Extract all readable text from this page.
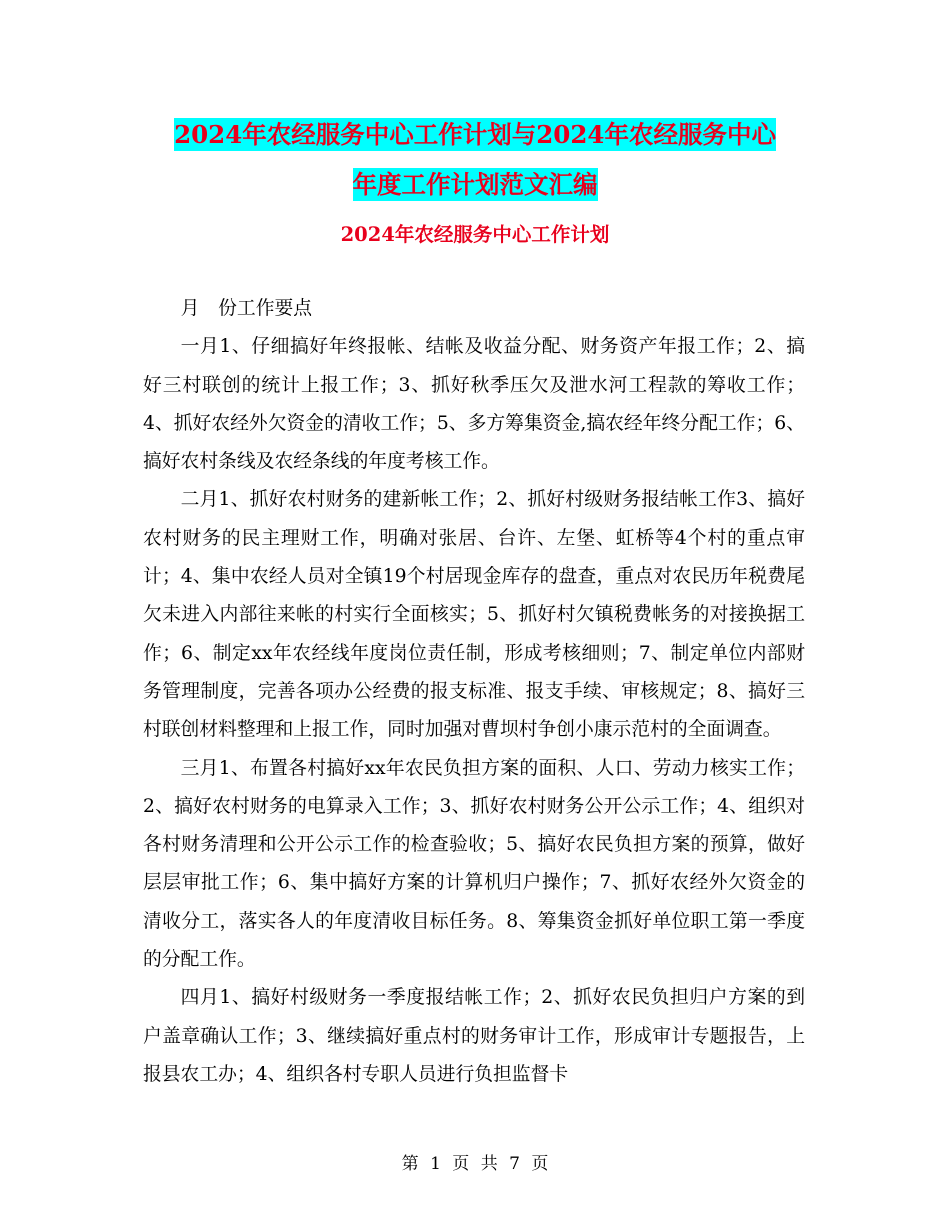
2024年农经服务中心工作计划与2024年农经服务中心
年度工作计划范文汇编
2024年农经服务中心工作计划

月　份工作要点

一月1、仔细搞好年终报帐、结帐及收益分配、财务资产年报工作；2、搞好三村联创的统计上报工作；3、抓好秋季压欠及泄水河工程款的筹收工作；4、抓好农经外欠资金的清收工作；5、多方筹集资金,搞农经年终分配工作；6、搞好农村条线及农经条线的年度考核工作。

二月1、抓好农村财务的建新帐工作；2、抓好村级财务报结帐工作3、搞好农村财务的民主理财工作，明确对张居、台许、左堡、虹桥等4个村的重点审计；4、集中农经人员对全镇19个村居现金库存的盘查，重点对农民历年税费尾欠未进入内部往来帐的村实行全面核实；5、抓好村欠镇税费帐务的对接换据工作；6、制定xx年农经线年度岗位责任制，形成考核细则；7、制定单位内部财务管理制度，完善各项办公经费的报支标准、报支手续、审核规定；8、搞好三村联创材料整理和上报工作，同时加强对曹坝村争创小康示范村的全面调查。

三月1、布置各村搞好xx年农民负担方案的面积、人口、劳动力核实工作；2、搞好农村财务的电算录入工作；3、抓好农村财务公开公示工作；4、组织对各村财务清理和公开公示工作的检查验收；5、搞好农民负担方案的预算，做好层层审批工作；6、集中搞好方案的计算机归户操作；7、抓好农经外欠资金的清收分工，落实各人的年度清收目标任务。8、筹集资金抓好单位职工第一季度的分配工作。

四月1、搞好村级财务一季度报结帐工作；2、抓好农民负担归户方案的到户盖章确认工作；3、继续搞好重点村的财务审计工作，形成审计专题报告，上报县农工办；4、组织各村专职人员进行负担监督卡

第 1 页 共 7 页
